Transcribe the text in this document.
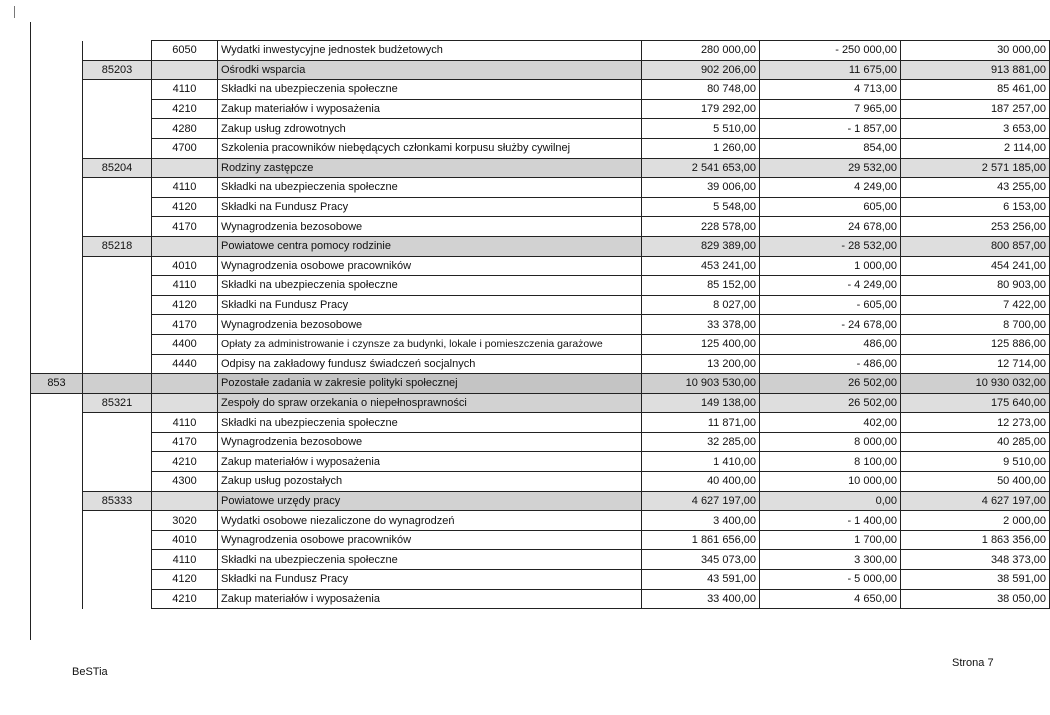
		6050	Wydatki inwestycyjne jednostek budżetowych	280 000,00	- 250 000,00	30 000,00
	85203		Ośrodki wsparcia	902 206,00	11 675,00	913 881,00
		4110	Składki na ubezpieczenia społeczne	80 748,00	4 713,00	85 461,00
		4210	Zakup materiałów i wyposażenia	179 292,00	7 965,00	187 257,00
		4280	Zakup usług zdrowotnych	5 510,00	- 1 857,00	3 653,00
		4700	Szkolenia pracowników niebędących członkami korpusu służby cywilnej	1 260,00	854,00	2 114,00
	85204		Rodziny zastępcze	2 541 653,00	29 532,00	2 571 185,00
		4110	Składki na ubezpieczenia społeczne	39 006,00	4 249,00	43 255,00
		4120	Składki na Fundusz Pracy	5 548,00	605,00	6 153,00
		4170	Wynagrodzenia bezosobowe	228 578,00	24 678,00	253 256,00
	85218		Powiatowe centra pomocy rodzinie	829 389,00	- 28 532,00	800 857,00
		4010	Wynagrodzenia osobowe pracowników	453 241,00	1 000,00	454 241,00
		4110	Składki na ubezpieczenia społeczne	85 152,00	- 4 249,00	80 903,00
		4120	Składki na Fundusz Pracy	8 027,00	- 605,00	7 422,00
		4170	Wynagrodzenia bezosobowe	33 378,00	- 24 678,00	8 700,00
		4400	Opłaty za administrowanie i czynsze za budynki, lokale i pomieszczenia garażowe	125 400,00	486,00	125 886,00
		4440	Odpisy na zakładowy fundusz świadczeń socjalnych	13 200,00	- 486,00	12 714,00
853			Pozostałe zadania w zakresie polityki społecznej	10 903 530,00	26 502,00	10 930 032,00
	85321		Zespoły do spraw orzekania o niepełnosprawności	149 138,00	26 502,00	175 640,00
		4110	Składki na ubezpieczenia społeczne	11 871,00	402,00	12 273,00
		4170	Wynagrodzenia bezosobowe	32 285,00	8 000,00	40 285,00
		4210	Zakup materiałów i wyposażenia	1 410,00	8 100,00	9 510,00
		4300	Zakup usług pozostałych	40 400,00	10 000,00	50 400,00
	85333		Powiatowe urzędy pracy	4 627 197,00	0,00	4 627 197,00
		3020	Wydatki osobowe niezaliczone do wynagrodzeń	3 400,00	- 1 400,00	2 000,00
		4010	Wynagrodzenia osobowe pracowników	1 861 656,00	1 700,00	1 863 356,00
		4110	Składki na ubezpieczenia społeczne	345 073,00	3 300,00	348 373,00
		4120	Składki na Fundusz Pracy	43 591,00	- 5 000,00	38 591,00
		4210	Zakup materiałów i wyposażenia	33 400,00	4 650,00	38 050,00
BeSTia
Strona 7
